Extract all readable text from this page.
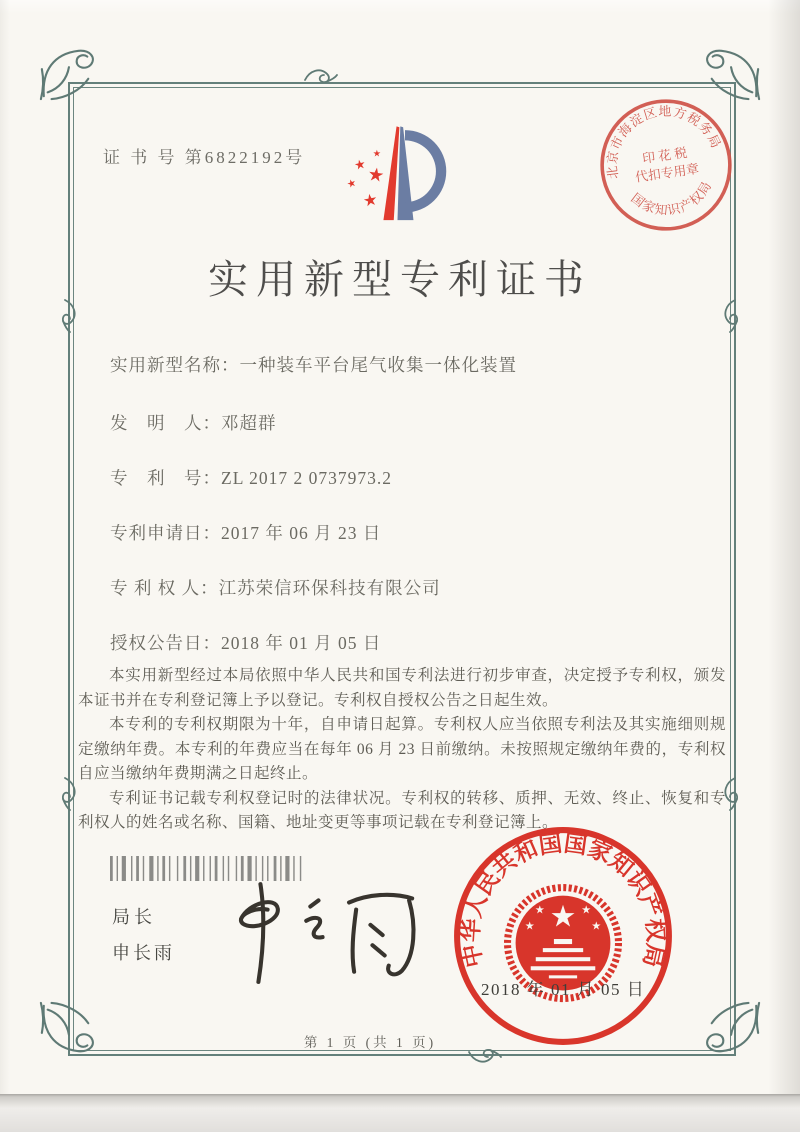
证 书 号 第6822192号
实用新型专利证书
北京市海淀区地方税务局
国家知识产权局
印 花 税
代扣专用章
实用新型名称：一种装车平台尾气收集一体化装置
发　明　人：邓超群
专　利　号：ZL 2017 2 0737973.2
专利申请日：2017 年 06 月 23 日
专 利 权 人：江苏荣信环保科技有限公司
授权公告日：2018 年 01 月 05 日

本实用新型经过本局依照中华人民共和国专利法进行初步审查，决定授予专利权，颁发本证书并在专利登记簿上予以登记。专利权自授权公告之日起生效。

本专利的专利权期限为十年，自申请日起算。专利权人应当依照专利法及其实施细则规定缴纳年费。本专利的年费应当在每年 06 月 23 日前缴纳。未按照规定缴纳年费的，专利权自应当缴纳年费期满之日起终止。

专利证书记载专利权登记时的法律状况。专利权的转移、质押、无效、终止、恢复和专利权人的姓名或名称、国籍、地址变更等事项记载在专利登记簿上。

局长
申长雨	中华人民共和国国家知识产权局
2018 年 01 月 05 日
第 1 页 (共 1 页)
